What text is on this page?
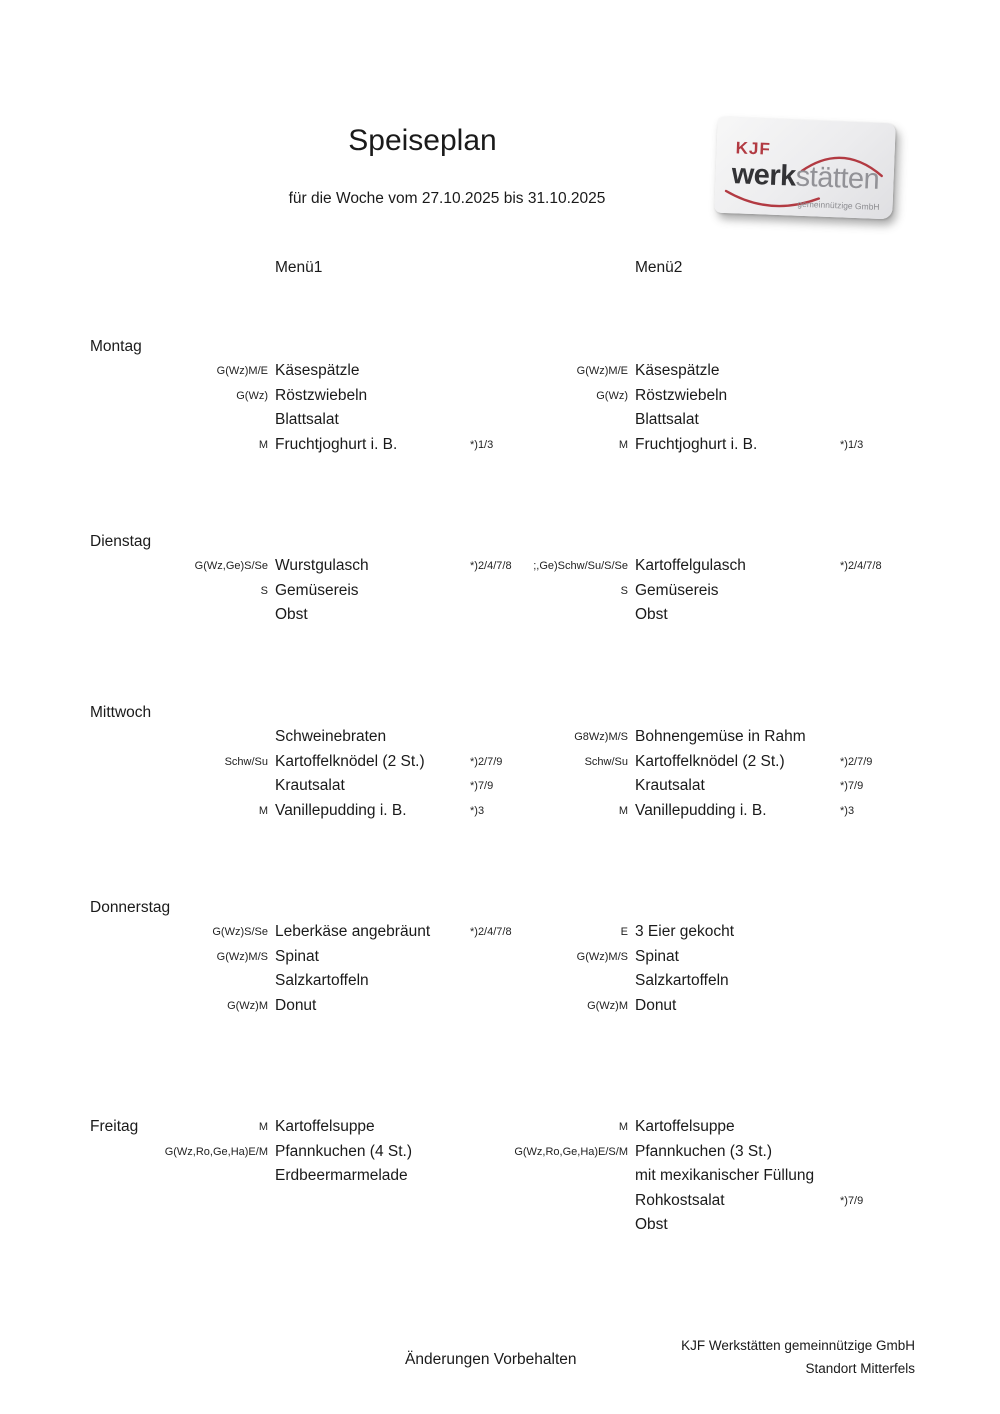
Speiseplan
für die Woche vom 27.10.2025 bis 31.10.2025
KJF
werkstätten
gemeinnützige GmbH
Menü1	Menü2
Montag
G(Wz)M/E Käsespätzle
G(Wz) Röstzwiebeln
Blattsalat
M Fruchtjoghurt i. B.	*)1/3
G(Wz)M/E Käsespätzle
G(Wz) Röstzwiebeln
Blattsalat
M Fruchtjoghurt i. B.	*)1/3
Dienstag
G(Wz,Ge)S/Se Wurstgulasch	*)2/4/7/8
S Gemüsereis
Obst
;,Ge)Schw/Su/S/Se Kartoffelgulasch	*)2/4/7/8
S Gemüsereis
Obst
Mittwoch
Schweinebraten
Schw/Su Kartoffelknödel (2 St.)	*)2/7/9
Krautsalat	*)7/9
M Vanillepudding i. B.	*)3
G8Wz)M/S Bohnengemüse in Rahm
Schw/Su Kartoffelknödel (2 St.)	*)2/7/9
Krautsalat	*)7/9
M Vanillepudding i. B.	*)3
Donnerstag
G(Wz)S/Se Leberkäse angebräunt	*)2/4/7/8
G(Wz)M/S Spinat
Salzkartoffeln
G(Wz)M Donut
E 3 Eier gekocht
G(Wz)M/S Spinat
Salzkartoffeln
G(Wz)M Donut
Freitag	M Kartoffelsuppe
G(Wz,Ro,Ge,Ha)E/M Pfannkuchen (4 St.)
Erdbeermarmelade
M Kartoffelsuppe
G(Wz,Ro,Ge,Ha)E/S/M Pfannkuchen (3 St.)
mit mexikanischer Füllung
Rohkostsalat	*)7/9
Obst
Änderungen Vorbehalten
KJF Werkstätten gemeinnützige GmbH
Standort Mitterfels
